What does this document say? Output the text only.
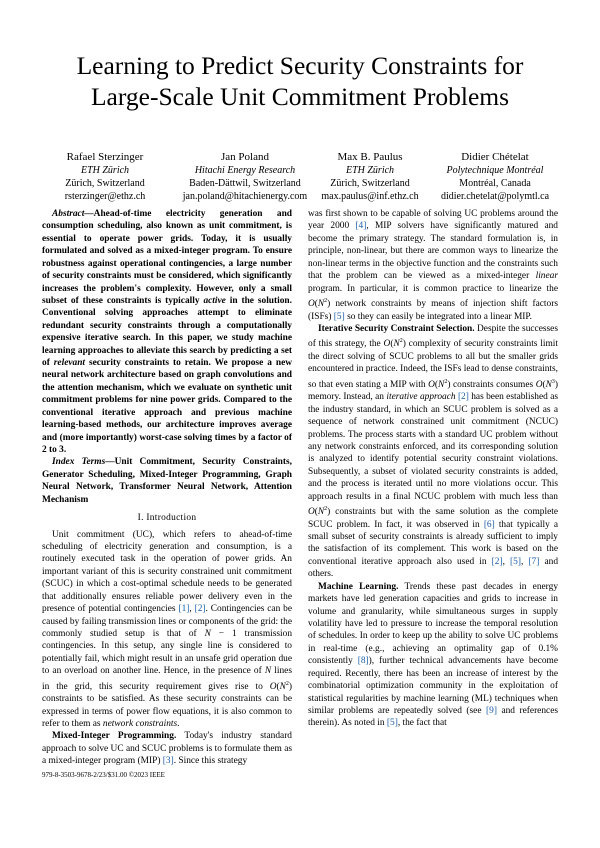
Learning to Predict Security Constraints for Large-Scale Unit Commitment Problems
Rafael Sterzinger
ETH Zürich
Zürich, Switzerland
rsterzinger@ethz.ch
Jan Poland
Hitachi Energy Research
Baden-Dättwil, Switzerland
jan.poland@hitachienergy.com
Max B. Paulus
ETH Zürich
Zürich, Switzerland
max.paulus@inf.ethz.ch
Didier Chételat
Polytechnique Montréal
Montréal, Canada
didier.chetelat@polymtl.ca

Abstract—Ahead-of-time electricity generation and consumption scheduling, also known as unit commitment, is essential to operate power grids. Today, it is usually formulated and solved as a mixed-integer program. To ensure robustness against operational contingencies, a large number of security constraints must be considered, which significantly increases the problem's complexity. However, only a small subset of these constraints is typically active in the solution. Conventional solving approaches attempt to eliminate redundant security constraints through a computationally expensive iterative search. In this paper, we study machine learning approaches to alleviate this search by predicting a set of relevant security constraints to retain. We propose a new neural network architecture based on graph convolutions and the attention mechanism, which we evaluate on synthetic unit commitment problems for nine power grids. Compared to the conventional iterative approach and previous machine learning-based methods, our architecture improves average and (more importantly) worst-case solving times by a factor of 2 to 3.

Index Terms—Unit Commitment, Security Constraints, Generator Scheduling, Mixed-Integer Programming, Graph Neural Network, Transformer Neural Network, Attention Mechanism

I. Introduction

Unit commitment (UC), which refers to ahead-of-time scheduling of electricity generation and consumption, is a routinely executed task in the operation of power grids. An important variant of this is security constrained unit commitment (SCUC) in which a cost-optimal schedule needs to be generated that additionally ensures reliable power delivery even in the presence of potential contingencies [1], [2]. Contingencies can be caused by failing transmission lines or components of the grid: the commonly studied setup is that of N − 1 transmission contingencies. In this setup, any single line is considered to potentially fail, which might result in an unsafe grid operation due to an overload on another line. Hence, in the presence of N lines in the grid, this security requirement gives rise to $O(N^2)$ constraints to be satisfied. As these security constraints can be expressed in terms of power flow equations, it is also common to refer to them as network constraints.

Mixed-Integer Programming. Today's industry standard approach to solve UC and SCUC problems is to formulate them as a mixed-integer program (MIP) [3]. Since this strategy

was first shown to be capable of solving UC problems around the year 2000 [4], MIP solvers have significantly matured and become the primary strategy. The standard formulation is, in principle, non-linear, but there are common ways to linearize the non-linear terms in the objective function and the constraints such that the problem can be viewed as a mixed-integer linear program. In particular, it is common practice to linearize the $O(N^2)$ network constraints by means of injection shift factors (ISFs) [5] so they can easily be integrated into a linear MIP.

Iterative Security Constraint Selection. Despite the successes of this strategy, the $O(N^2)$ complexity of security constraints limit the direct solving of SCUC problems to all but the smaller grids encountered in practice. Indeed, the ISFs lead to dense constraints, so that even stating a MIP with $O(N^2)$ constraints consumes $O(N^3)$ memory. Instead, an iterative approach [2] has been established as the industry standard, in which an SCUC problem is solved as a sequence of network constrained unit commitment (NCUC) problems. The process starts with a standard UC problem without any network constraints enforced, and its corresponding solution is analyzed to identify potential security constraint violations. Subsequently, a subset of violated security constraints is added, and the process is iterated until no more violations occur. This approach results in a final NCUC problem with much less than $O(N^2)$ constraints but with the same solution as the complete SCUC problem. In fact, it was observed in [6] that typically a small subset of security constraints is already sufficient to imply the satisfaction of its complement. This work is based on the conventional iterative approach also used in [2], [5], [7] and others.

Machine Learning. Trends these past decades in energy markets have led generation capacities and grids to increase in volume and granularity, while simultaneous surges in supply volatility have led to pressure to increase the temporal resolution of schedules. In order to keep up the ability to solve UC problems in real-time (e.g., achieving an optimality gap of 0.1% consistently [8]), further technical advancements have become required. Recently, there has been an increase of interest by the combinatorial optimization community in the exploitation of statistical regularities by machine learning (ML) techniques when similar problems are repeatedly solved (see [9] and references therein). As noted in [5], the fact that

979-8-3503-9678-2/23/$31.00 ©2023 IEEE
